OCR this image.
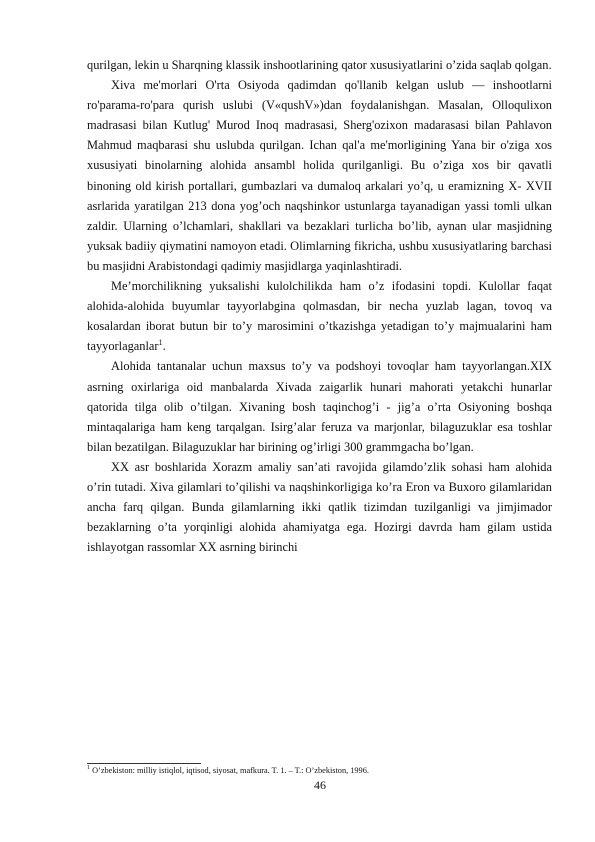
qurilgan, lekin u Sharqning klassik inshootlarining qator xususiyatlarini o’zida saqlab qolgan.

Xiva me'morlari O'rta Osiyoda qadimdan qo'llanib kelgan uslub — inshootlarni ro'parama-ro'para qurish uslubi (V«qushV»)dan foydalanishgan. Masalan, Olloqulixon madrasasi bilan Kutlug' Murod Inoq madrasasi, Sherg'ozixon madarasasi bilan Pahlavon Mahmud maqbarasi shu uslubda qurilgan. Ichan qal'a me'morligining Yana bir o'ziga xos xususiyati binolarning alohida ansambl holida qurilganligi. Bu o’ziga xos bir qavatli binoning old kirish portallari, gumbazlari va dumaloq arkalari yo’q, u eramizning X- XVII asrlarida yaratilgan 213 dona yog’och naqshinkor ustunlarga tayanadigan yassi tomli ulkan zaldir. Ularning o’lchamlari, shakllari va bezaklari turlicha bo’lib, aynan ular masjidning yuksak badiiy qiymatini namoyon etadi. Olimlarning fikricha, ushbu xususiyatlaring barchasi bu masjidni Arabistondagi qadimiy masjidlarga yaqinlashtiradi.

Me’morchilikning yuksalishi kulolchilikda ham o’z ifodasini topdi. Kulollar faqat alohida-alohida buyumlar tayyorlabgina qolmasdan, bir necha yuzlab lagan, tovoq va kosalardan iborat butun bir to’y marosimini o’tkazishga yetadigan to’y majmualarini ham tayyorlaganlar$^1$.

Alohida tantanalar uchun maxsus to’y va podshoyi tovoqlar ham tayyorlangan.XIX asrning oxirlariga oid manbalarda Xivada zaigarlik hunari mahorati yetakchi hunarlar qatorida tilga olib o’tilgan. Xivaning bosh taqinchog’i - jig’a o’rta Osiyoning boshqa mintaqalariga ham keng tarqalgan. Isirg’alar feruza va marjonlar, bilaguzuklar esa toshlar bilan bezatilgan. Bilaguzuklar har birining og’irligi 300 grammgacha bo’lgan.

XX asr boshlarida Xorazm amaliy san’ati ravojida gilamdo’zlik sohasi ham alohida o’rin tutadi. Xiva gilamlari to’qilishi va naqshinkorligiga ko’ra Eron va Buxoro gilamlaridan ancha farq qilgan. Bunda gilamlarning ikki qatlik tizimdan tuzilganligi va jimjimador bezaklarning o’ta yorqinligi alohida ahamiyatga ega. Hozirgi davrda ham gilam ustida ishlayotgan rassomlar XX asrning birinchi

$^1$ O’zbekiston: milliy istiqlol, iqtisod, siyosat, mafkura. T. 1. – T.: O’zbekiston, 1996.
46
